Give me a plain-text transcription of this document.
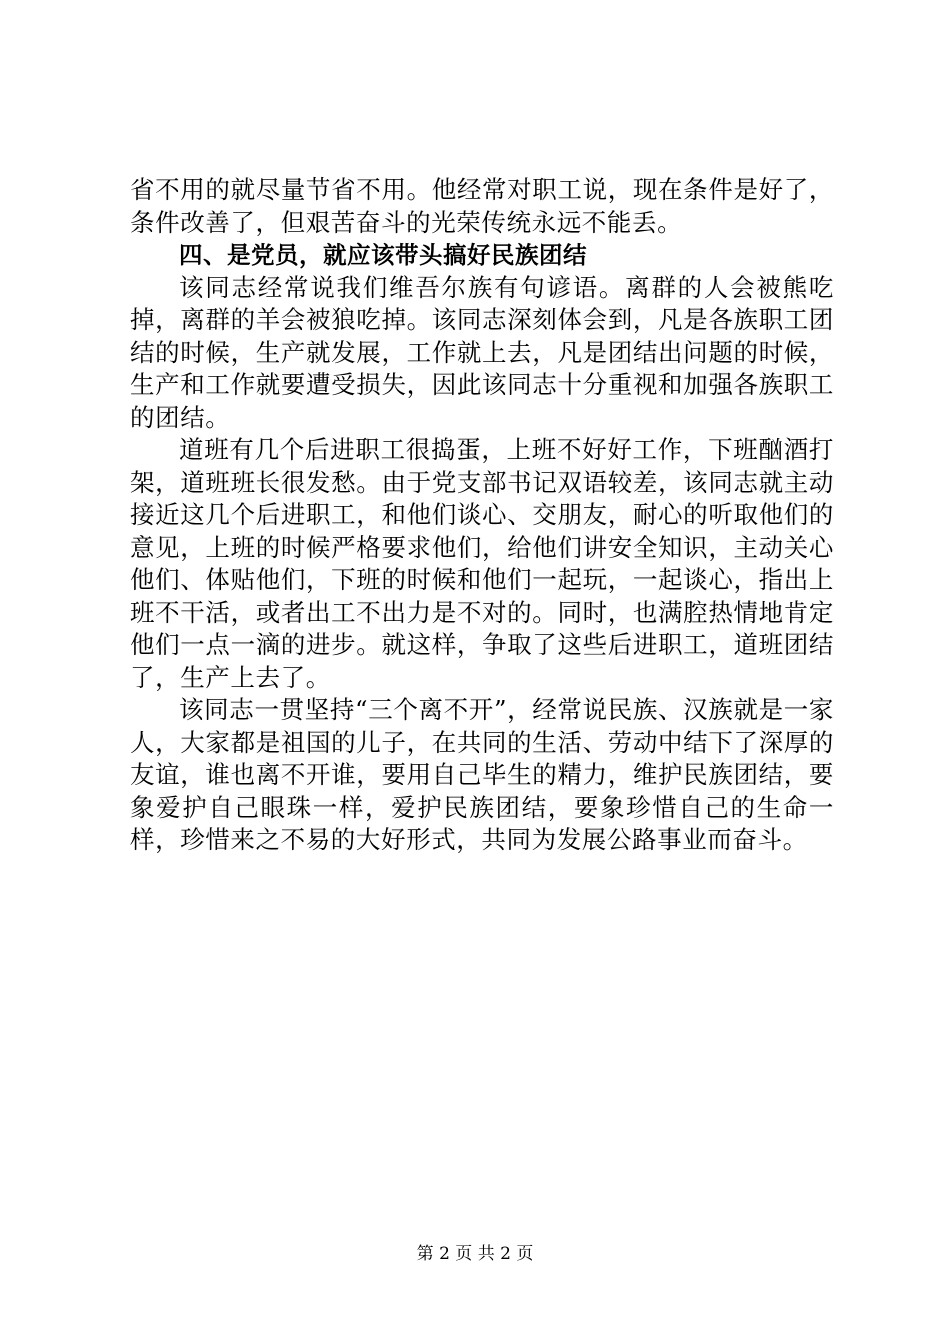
省不用的就尽量节省不用。他经常对职工说，现在条件是好了，条件改善了，但艰苦奋斗的光荣传统永远不能丢。

四、是党员，就应该带头搞好民族团结

该同志经常说我们维吾尔族有句谚语。离群的人会被熊吃掉，离群的羊会被狼吃掉。该同志深刻体会到，凡是各族职工团结的时候，生产就发展，工作就上去，凡是团结出问题的时候，生产和工作就要遭受损失，因此该同志十分重视和加强各族职工的团结。

道班有几个后进职工很捣蛋，上班不好好工作，下班酗酒打架，道班班长很发愁。由于党支部书记双语较差，该同志就主动接近这几个后进职工，和他们谈心、交朋友，耐心的听取他们的意见，上班的时候严格要求他们，给他们讲安全知识，主动关心他们、体贴他们，下班的时候和他们一起玩，一起谈心，指出上班不干活，或者出工不出力是不对的。同时，也满腔热情地肯定他们一点一滴的进步。就这样，争取了这些后进职工，道班团结了，生产上去了。

该同志一贯坚持“三个离不开”，经常说民族、汉族就是一家人，大家都是祖国的儿子，在共同的生活、劳动中结下了深厚的友谊，谁也离不开谁，要用自己毕生的精力，维护民族团结，要象爱护自己眼珠一样，爱护民族团结，要象珍惜自己的生命一样，珍惜来之不易的大好形式，共同为发展公路事业而奋斗。

第 2 页 共 2 页
